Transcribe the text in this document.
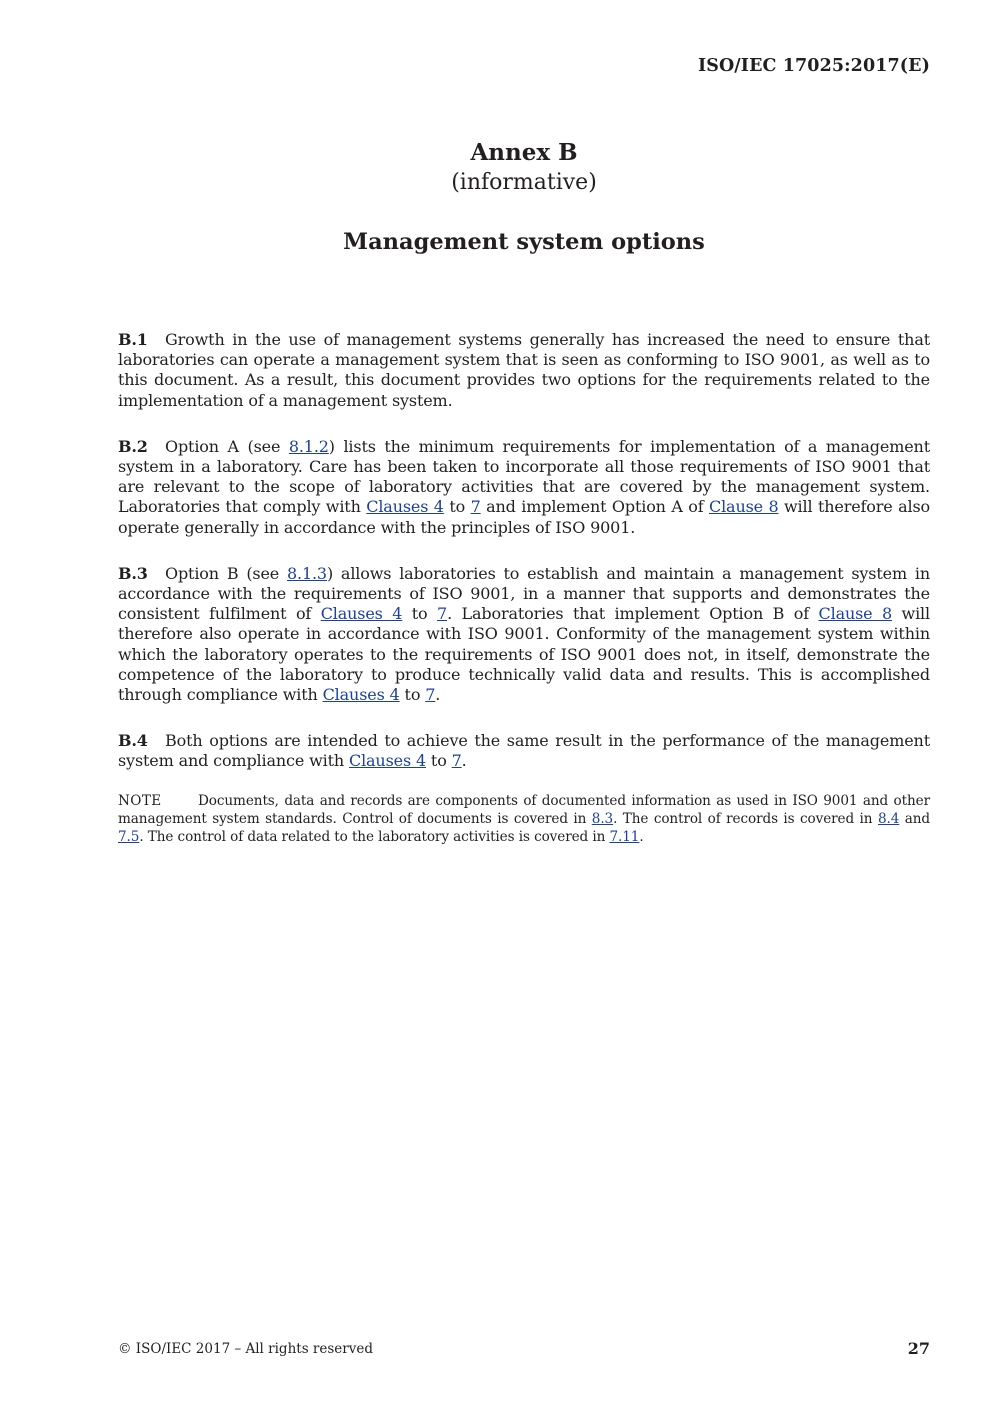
ISO/IEC 17025:2017(E)
Annex B
(informative)
Management system options

B.1 Growth in the use of management systems generally has increased the need to ensure that laboratories can operate a management system that is seen as conforming to ISO 9001, as well as to this document. As a result, this document provides two options for the requirements related to the implementation of a management system.

B.2 Option A (see 8.1.2) lists the minimum requirements for implementation of a management system in a laboratory. Care has been taken to incorporate all those requirements of ISO 9001 that are relevant to the scope of laboratory activities that are covered by the management system. Laboratories that comply with Clauses 4 to 7 and implement Option A of Clause 8 will therefore also operate generally in accordance with the principles of ISO 9001.

B.3 Option B (see 8.1.3) allows laboratories to establish and maintain a management system in accordance with the requirements of ISO 9001, in a manner that supports and demonstrates the consistent fulfilment of Clauses 4 to 7. Laboratories that implement Option B of Clause 8 will therefore also operate in accordance with ISO 9001. Conformity of the management system within which the laboratory operates to the requirements of ISO 9001 does not, in itself, demonstrate the competence of the laboratory to produce technically valid data and results. This is accomplished through compliance with Clauses 4 to 7.

B.4 Both options are intended to achieve the same result in the performance of the management system and compliance with Clauses 4 to 7.

NOTE	Documents, data and records are components of documented information as used in ISO 9001 and other management system standards. Control of documents is covered in 8.3. The control of records is covered in 8.4 and 7.5. The control of data related to the laboratory activities is covered in 7.11.

© ISO/IEC 2017 – All rights reserved	27
